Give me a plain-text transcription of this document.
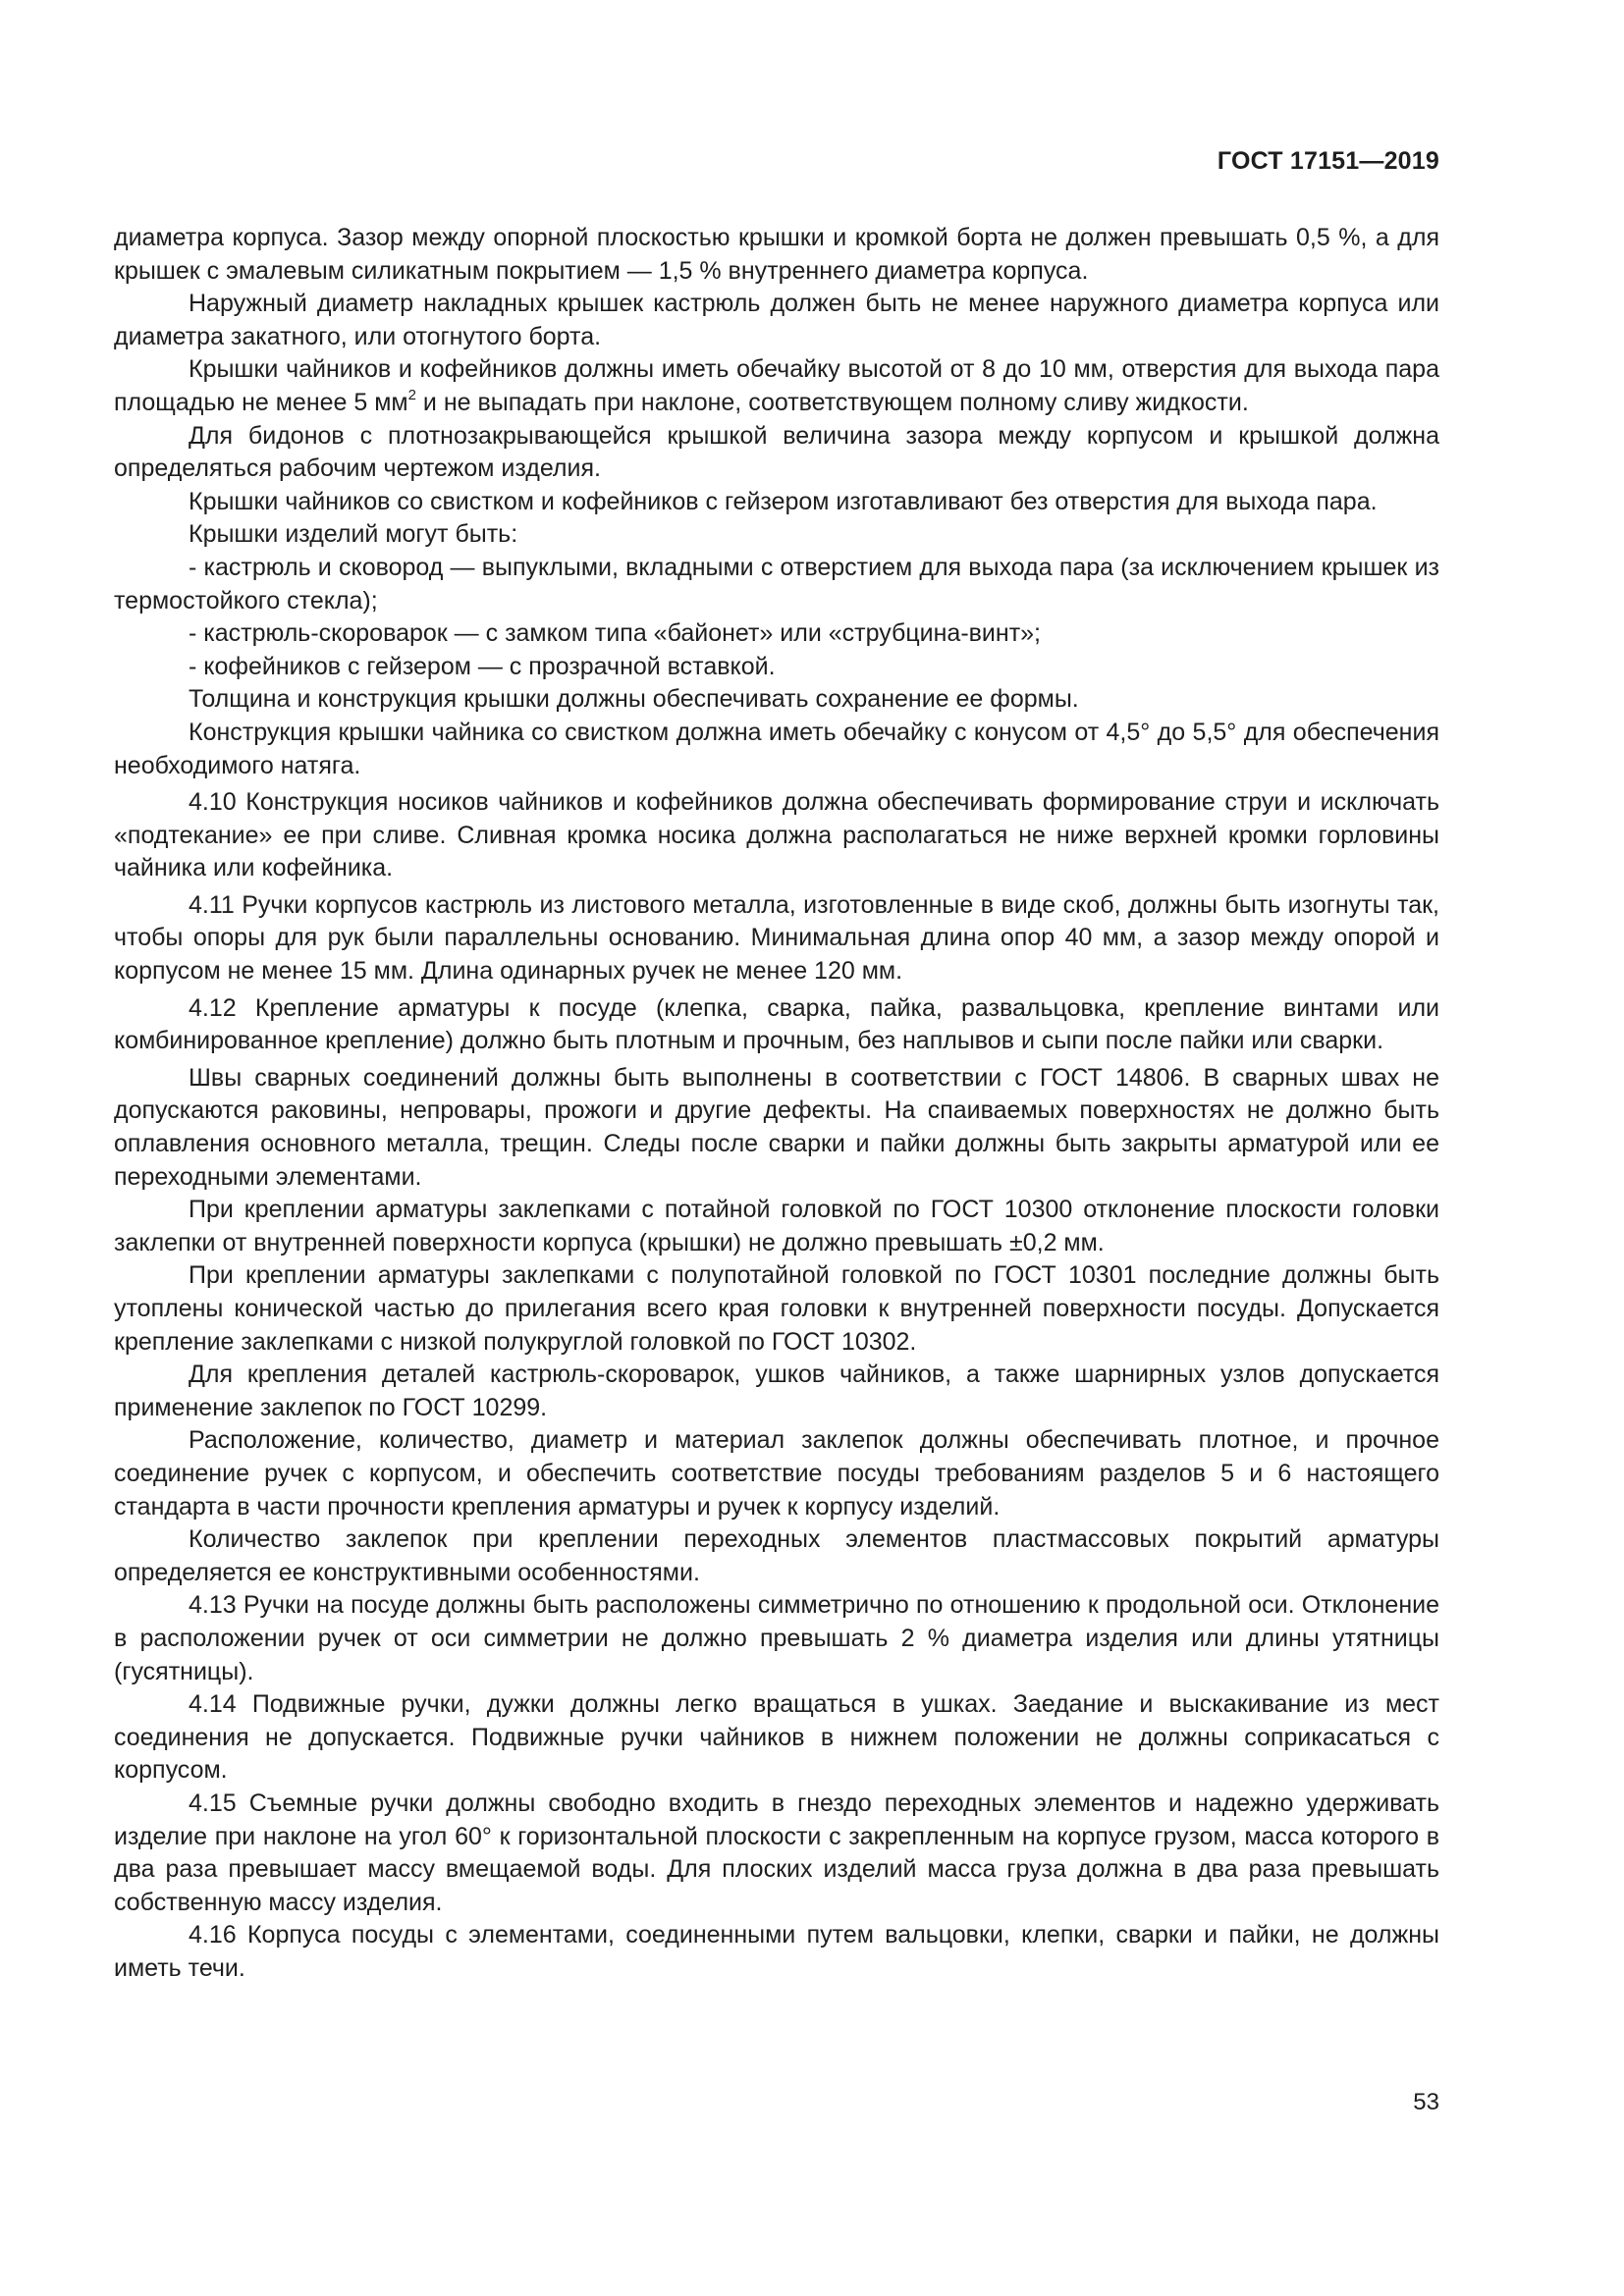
ГОСТ 17151—2019

диаметра корпуса. Зазор между опорной плоскостью крышки и кромкой борта не должен превышать 0,5 %, а для крышек с эмалевым силикатным покрытием — 1,5 % внутреннего диаметра корпуса.

Наружный диаметр накладных крышек кастрюль должен быть не менее наружного диаметра корпуса или диаметра закатного, или отогнутого борта.

Крышки чайников и кофейников должны иметь обечайку высотой от 8 до 10 мм, отверстия для выхода пара площадью не менее 5 $мм^2$ и не выпадать при наклоне, соответствующем полному сливу жидкости.

Для бидонов с плотнозакрывающейся крышкой величина зазора между корпусом и крышкой должна определяться рабочим чертежом изделия.

Крышки чайников со свистком и кофейников с гейзером изготавливают без отверстия для выхода пара.

Крышки изделий могут быть:

- кастрюль и сковород — выпуклыми, вкладными с отверстием для выхода пара (за исключением крышек из термостойкого стекла);

- кастрюль-скороварок — с замком типа «байонет» или «струбцина-винт»;

- кофейников с гейзером — с прозрачной вставкой.

Толщина и конструкция крышки должны обеспечивать сохранение ее формы.

Конструкция крышки чайника со свистком должна иметь обечайку с конусом от 4,5° до 5,5° для обеспечения необходимого натяга.

4.10 Конструкция носиков чайников и кофейников должна обеспечивать формирование струи и исключать «подтекание» ее при сливе. Сливная кромка носика должна располагаться не ниже верхней кромки горловины чайника или кофейника.

4.11 Ручки корпусов кастрюль из листового металла, изготовленные в виде скоб, должны быть изогнуты так, чтобы опоры для рук были параллельны основанию. Минимальная длина опор 40 мм, а зазор между опорой и корпусом не менее 15 мм. Длина одинарных ручек не менее 120 мм.

4.12 Крепление арматуры к посуде (клепка, сварка, пайка, развальцовка, крепление винтами или комбинированное крепление) должно быть плотным и прочным, без наплывов и сыпи после пайки или сварки.

Швы сварных соединений должны быть выполнены в соответствии с ГОСТ 14806. В сварных швах не допускаются раковины, непровары, прожоги и другие дефекты. На спаиваемых поверхностях не должно быть оплавления основного металла, трещин. Следы после сварки и пайки должны быть закрыты арматурой или ее переходными элементами.

При креплении арматуры заклепками с потайной головкой по ГОСТ 10300 отклонение плоскости головки заклепки от внутренней поверхности корпуса (крышки) не должно превышать ±0,2 мм.

При креплении арматуры заклепками с полупотайной головкой по ГОСТ 10301 последние должны быть утоплены конической частью до прилегания всего края головки к внутренней поверхности посуды. Допускается крепление заклепками с низкой полукруглой головкой по ГОСТ 10302.

Для крепления деталей кастрюль-скороварок, ушков чайников, а также шарнирных узлов допускается применение заклепок по ГОСТ 10299.

Расположение, количество, диаметр и материал заклепок должны обеспечивать плотное, и прочное соединение ручек с корпусом, и обеспечить соответствие посуды требованиям разделов 5 и 6 настоящего стандарта в части прочности крепления арматуры и ручек к корпусу изделий.

Количество заклепок при креплении переходных элементов пластмассовых покрытий арматуры определяется ее конструктивными особенностями.

4.13 Ручки на посуде должны быть расположены симметрично по отношению к продольной оси. Отклонение в расположении ручек от оси симметрии не должно превышать 2 % диаметра изделия или длины утятницы (гусятницы).

4.14 Подвижные ручки, дужки должны легко вращаться в ушках. Заедание и выскакивание из мест соединения не допускается. Подвижные ручки чайников в нижнем положении не должны соприкасаться с корпусом.

4.15 Съемные ручки должны свободно входить в гнездо переходных элементов и надежно удерживать изделие при наклоне на угол 60° к горизонтальной плоскости с закрепленным на корпусе грузом, масса которого в два раза превышает массу вмещаемой воды. Для плоских изделий масса груза должна в два раза превышать собственную массу изделия.

4.16 Корпуса посуды с элементами, соединенными путем вальцовки, клепки, сварки и пайки, не должны иметь течи.

53
